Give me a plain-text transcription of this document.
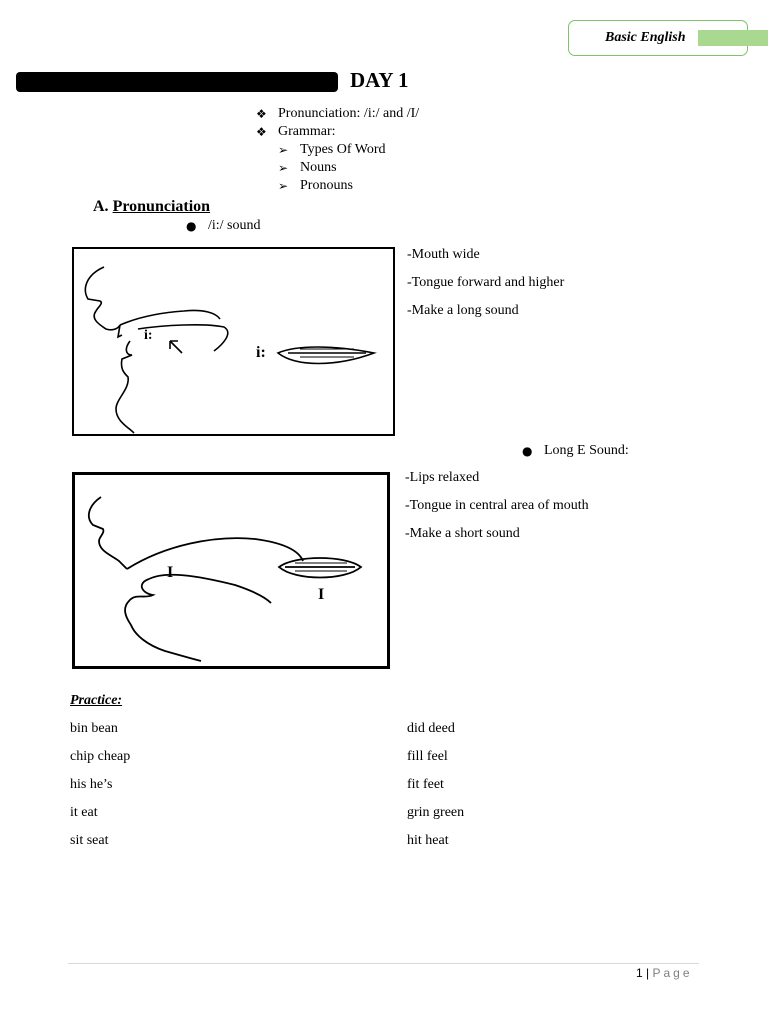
Basic English
DAY 1
❖ Pronunciation: /i:/ and /I/
❖ Grammar:
➢ Types Of Word
➢ Nouns
➢ Pronouns
A. Pronunciation
● /i:/ sound
i:
i:
-Mouth wide
-Tongue forward and higher
-Make a long sound
● Long E Sound:
I
I
-Lips relaxed
-Tongue in central area of mouth
-Make a short sound
Practice:
bin bean
chip cheap
his he’s
it eat
sit seat
did deed
fill feel
fit feet
grin green
hit heat
1 | Page
